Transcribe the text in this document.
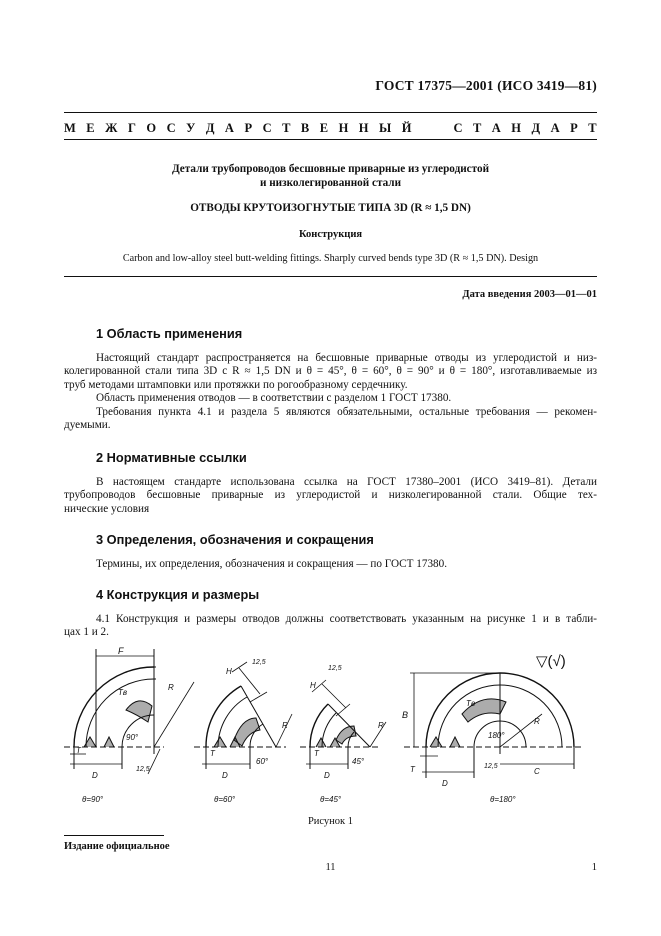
ГОСТ 17375—2001 (ИСО 3419—81)
М Е Ж Г О С У Д А Р С Т В Е Н Н Ы Й	С Т А Н Д А Р Т
Детали трубопроводов бесшовные приварные из углеродистой
и низколегированной стали
ОТВОДЫ КРУТОИЗОГНУТЫЕ ТИПА 3D (R ≈ 1,5 DN)
Конструкция
Carbon and low-alloy steel butt-welding fittings. Sharply curved bends type 3D (R ≈ 1,5 DN). Design
Дата введения 2003—01—01
1 Область применения
Настоящий стандарт распространяется на бесшовные приварные отводы из углеродистой и низ-
колегированной стали типа 3D с R ≈ 1,5 DN и θ = 45°, θ = 60°, θ = 90° и θ = 180°, изготавливаемые из
труб методами штамповки или протяжки по рогообразному сердечнику.
Область применения отводов — в соответствии с разделом 1 ГОСТ 17380.
Требования пункта 4.1 и раздела 5 являются обязательными, остальные требования — рекомен-
дуемыми.
2 Нормативные ссылки
В настоящем стандарте использована ссылка на ГОСТ 17380–2001 (ИСО 3419–81). Детали
трубопроводов бесшовные приварные из углеродистой и низколегированной стали. Общие тех-
нические условия
3 Определения, обозначения и сокращения
Термины, их определения, обозначения и сокращения — по ГОСТ 17380.
4 Конструкция и размеры
4.1 Конструкция и размеры отводов должны соответствовать указанным на рисунке 1 и в табли-
цах 1 и 2.
F
Tв
R
90°
T
D
12,5
θ=90°
H
12,5
R
60°
T
D
θ=60°
H
12,5
R
45°
T
D
θ=45°
B
Tв
R
180°
T
D
12,5
C
θ=180°
▽(√)
Рисунок 1
Издание официальное
11	1
